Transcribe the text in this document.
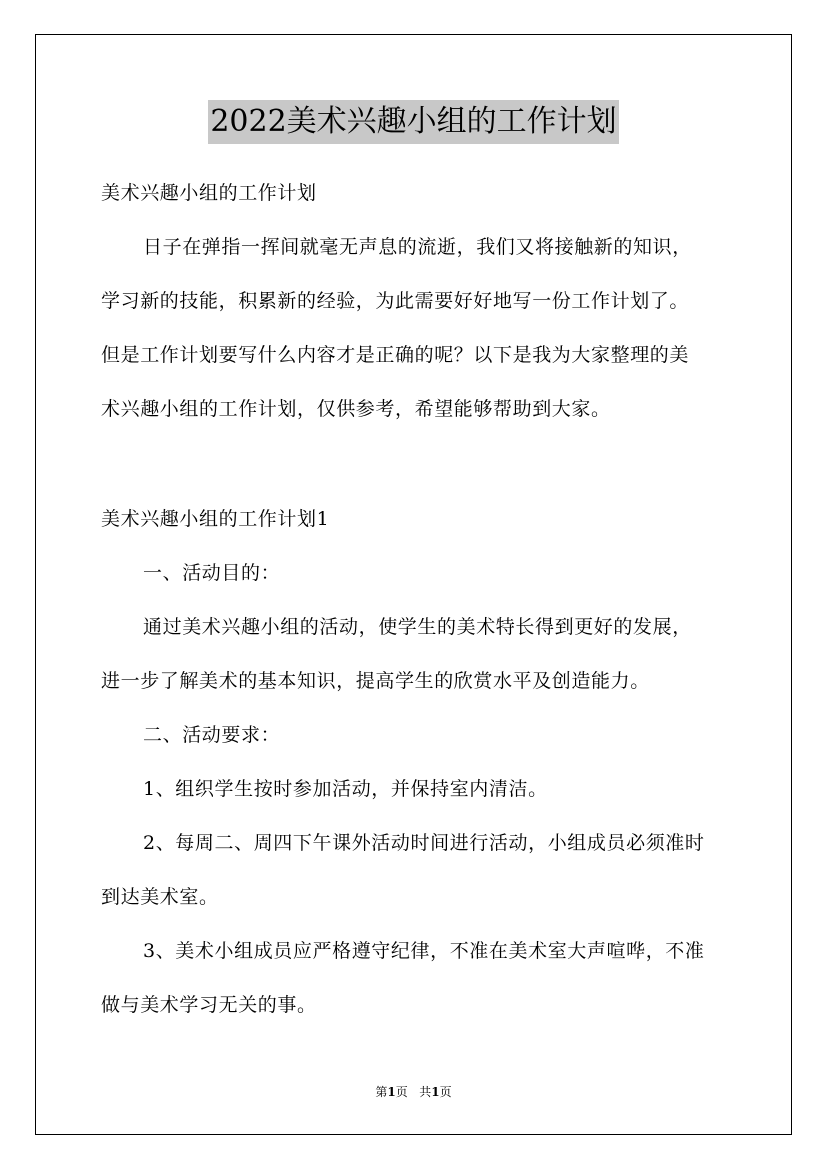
2022美术兴趣小组的工作计划
美术兴趣小组的工作计划
日子在弹指一挥间就毫无声息的流逝，我们又将接触新的知识，
学习新的技能，积累新的经验，为此需要好好地写一份工作计划了。
但是工作计划要写什么内容才是正确的呢？以下是我为大家整理的美
术兴趣小组的工作计划，仅供参考，希望能够帮助到大家。
美术兴趣小组的工作计划1
一、活动目的：
通过美术兴趣小组的活动，使学生的美术特长得到更好的发展，
进一步了解美术的基本知识，提高学生的欣赏水平及创造能力。
二、活动要求：
1、组织学生按时参加活动，并保持室内清洁。
2、每周二、周四下午课外活动时间进行活动，小组成员必须准时
到达美术室。
3、美术小组成员应严格遵守纪律，不准在美术室大声喧哗，不准
做与美术学习无关的事。
第1页 共1页
